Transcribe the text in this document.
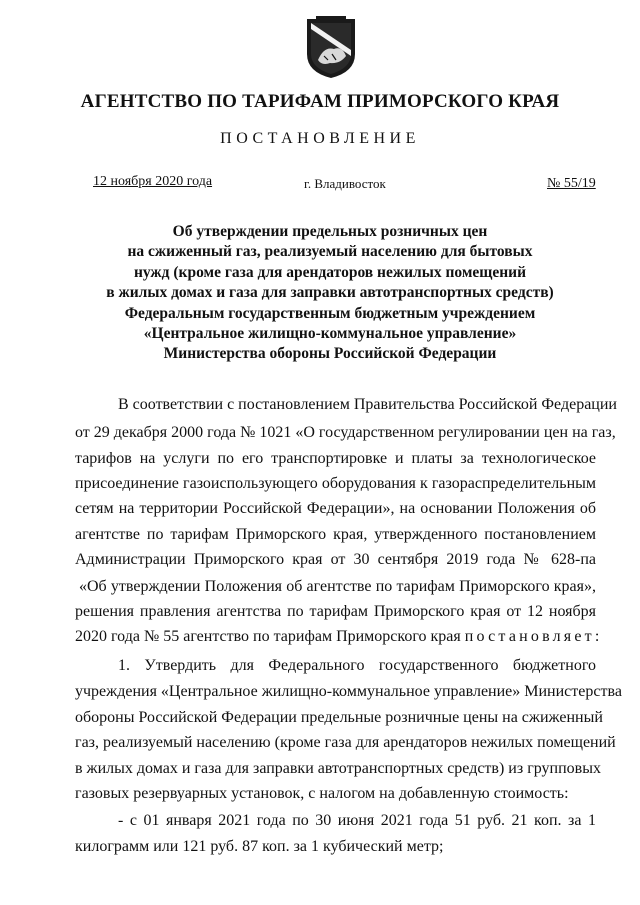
АГЕНТСТВО ПО ТАРИФАМ ПРИМОРСКОГО КРАЯ
ПОСТАНОВЛЕНИЕ
12 ноября 2020 года	г. Владивосток	№ 55/19
Об утверждении предельных розничных цен
на сжиженный газ, реализуемый населению для бытовых
нужд (кроме газа для арендаторов нежилых помещений
в жилых домах и газа для заправки автотранспортных средств)
Федеральным государственным бюджетным учреждением
«Центральное жилищно-коммунальное управление»
Министерства обороны Российской Федерации
В соответствии с постановлением Правительства Российской Федерации
от 29 декабря 2000 года № 1021 «О государственном регулировании цен на газ,
тарифов на услуги по его транспортировке и платы за технологическое
присоединение газоиспользующего оборудования к газораспределительным
сетям на территории Российской Федерации», на основании Положения об
агентстве по тарифам Приморского края, утвержденного постановлением
Администрации Приморского края от 30 сентября 2019 года № 628-па
«Об утверждении Положения об агентстве по тарифам Приморского края»,
решения правления агентства по тарифам Приморского края от 12 ноября
2020 года № 55 агентство по тарифам Приморского края постановляет:
1. Утвердить для Федерального государственного бюджетного
учреждения «Центральное жилищно-коммунальное управление» Министерства
обороны Российской Федерации предельные розничные цены на сжиженный
газ, реализуемый населению (кроме газа для арендаторов нежилых помещений
в жилых домах и газа для заправки автотранспортных средств) из групповых
газовых резервуарных установок, с налогом на добавленную стоимость:
- с 01 января 2021 года по 30 июня 2021 года 51 руб. 21 коп. за 1
килограмм или 121 руб. 87 коп. за 1 кубический метр;
